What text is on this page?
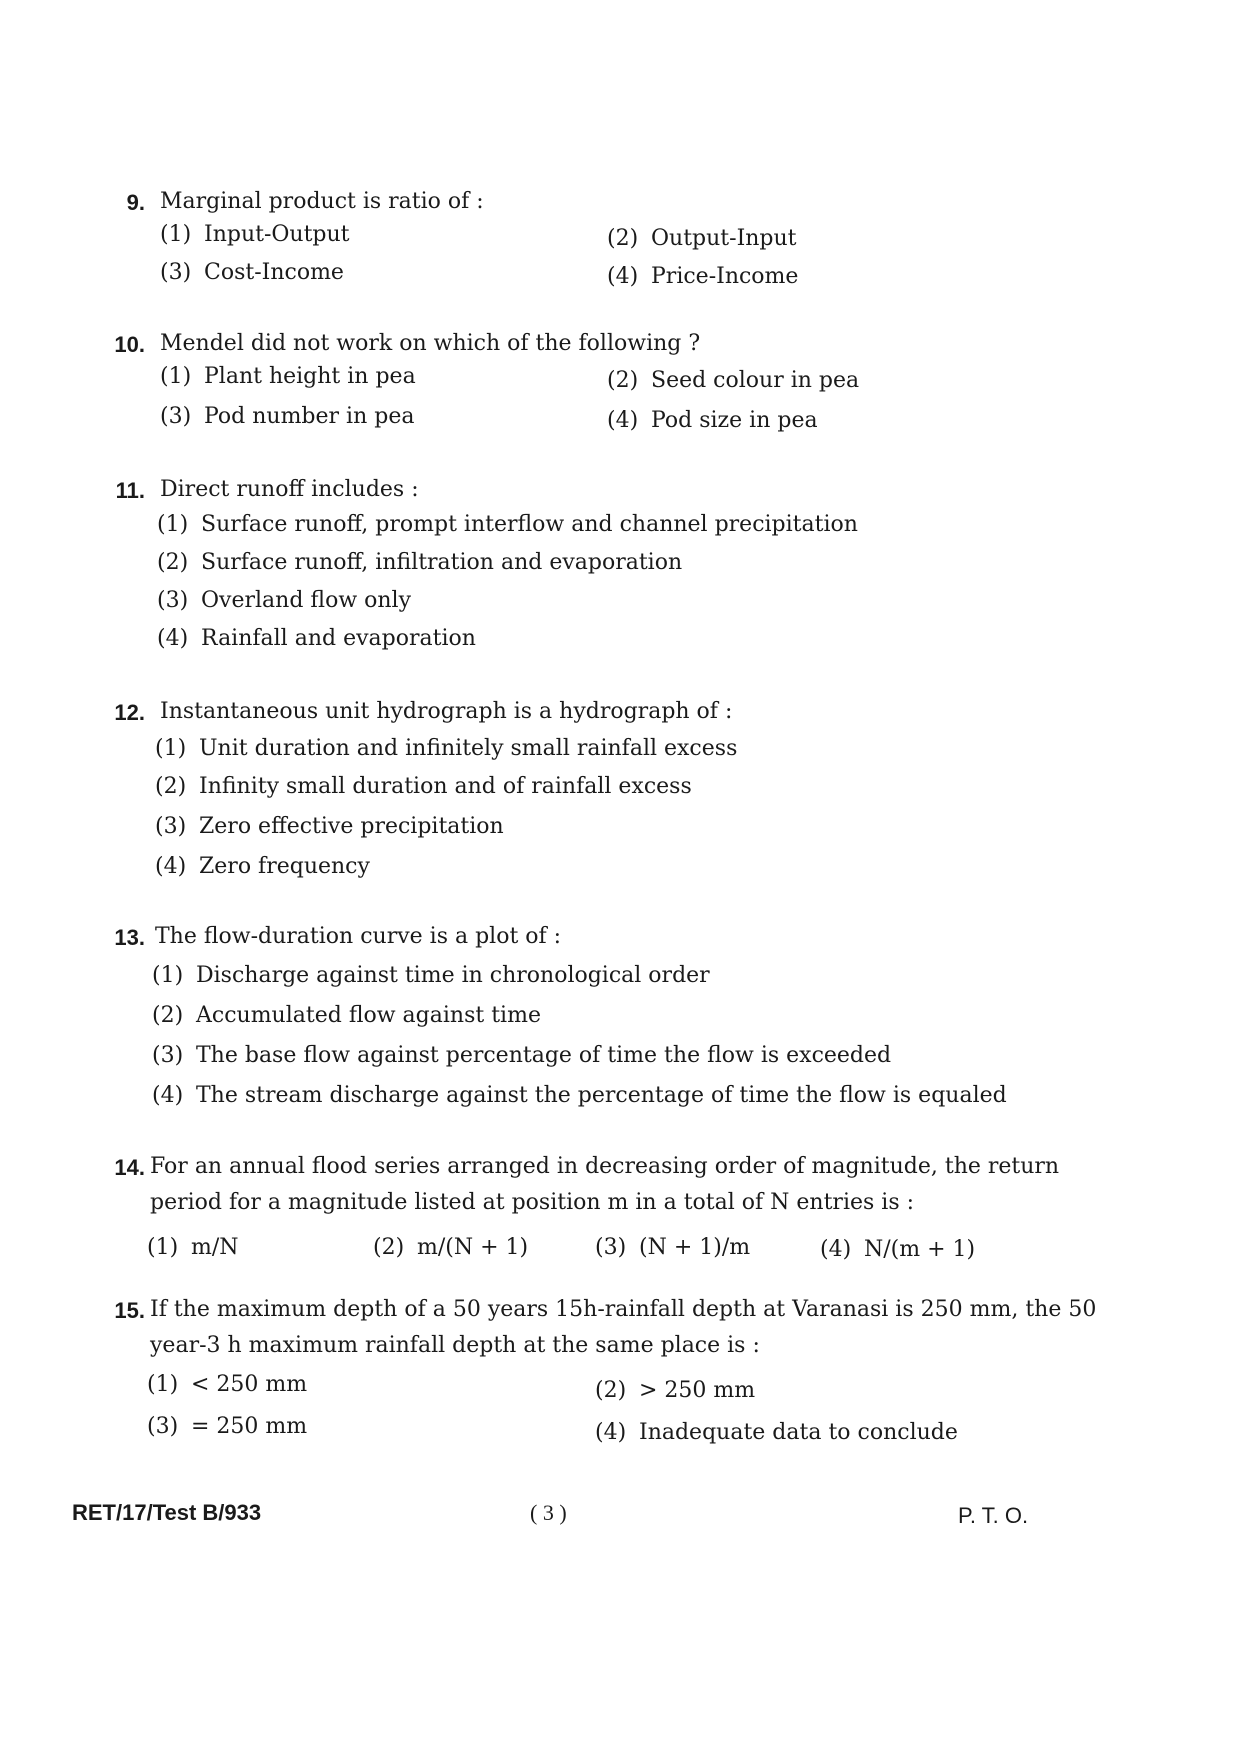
9. Marginal product is ratio of :
(1) Input-Output	(2) Output-Input
(3) Cost-Income	(4) Price-Income
10. Mendel did not work on which of the following ?
(1) Plant height in pea	(2) Seed colour in pea
(3) Pod number in pea	(4) Pod size in pea
11. Direct runoff includes :
(1) Surface runoff, prompt interflow and channel precipitation
(2) Surface runoff, infiltration and evaporation
(3) Overland flow only
(4) Rainfall and evaporation
12. Instantaneous unit hydrograph is a hydrograph of :
(1) Unit duration and infinitely small rainfall excess
(2) Infinity small duration and of rainfall excess
(3) Zero effective precipitation
(4) Zero frequency
13. The flow-duration curve is a plot of :
(1) Discharge against time in chronological order
(2) Accumulated flow against time
(3) The base flow against percentage of time the flow is exceeded
(4) The stream discharge against the percentage of time the flow is equaled
14. For an annual flood series arranged in decreasing order of magnitude, the return period for a magnitude listed at position m in a total of N entries is :
(1) m/N	(2) m/(N + 1)	(3) (N + 1)/m	(4) N/(m + 1)
15. If the maximum depth of a 50 years 15h-rainfall depth at Varanasi is 250 mm, the 50 year-3 h maximum rainfall depth at the same place is :
(1) < 250 mm	(2) > 250 mm
(3) = 250 mm	(4) Inadequate data to conclude
RET/17/Test B/933	( 3 )	P. T. O.
